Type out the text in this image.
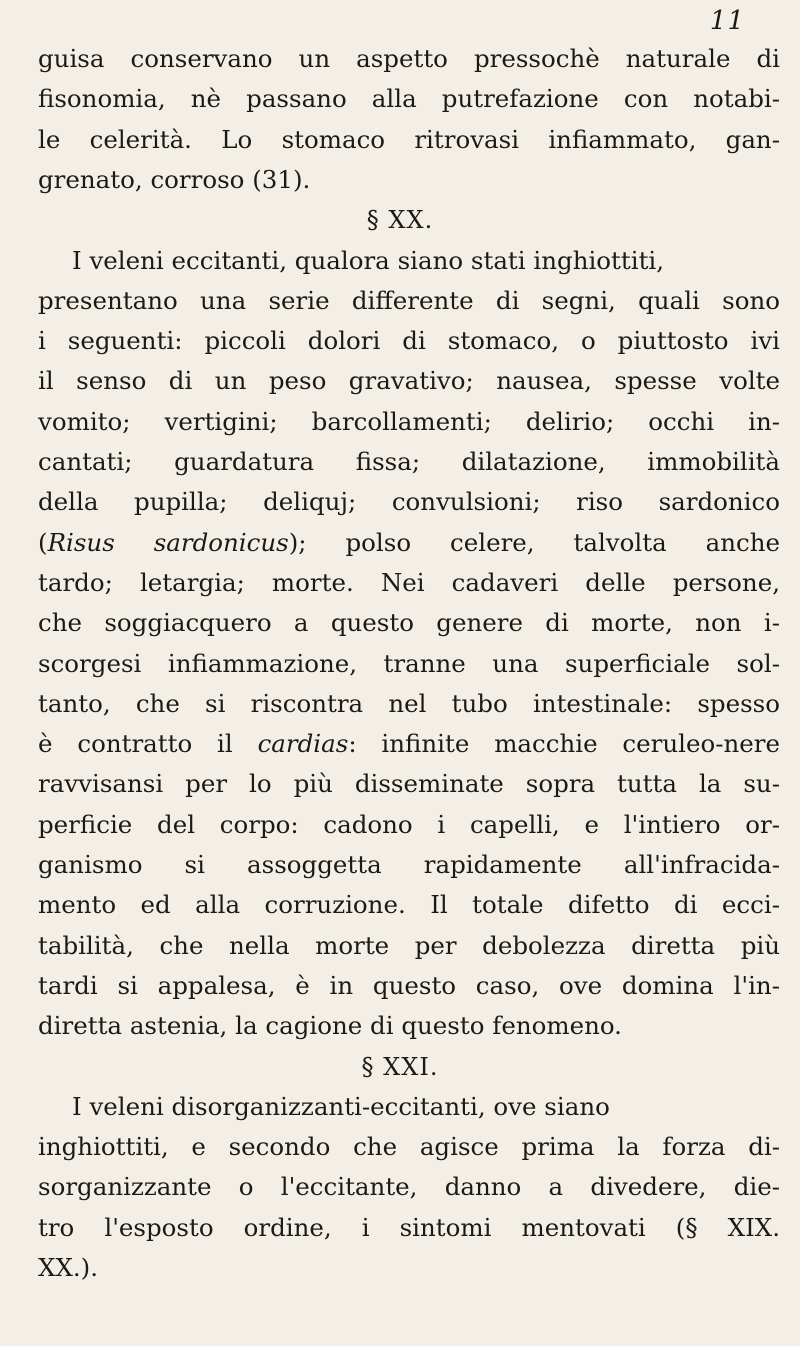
11
guisa conservano un aspetto pressochè naturale di
fisonomia, nè passano alla putrefazione con notabi-
le celerità. Lo stomaco ritrovasi infiammato, gan-
grenato, corroso (31).
§ XX.
I veleni eccitanti, qualora siano stati inghiottiti,
presentano una serie differente di segni, quali sono
i seguenti: piccoli dolori di stomaco, o piuttosto ivi
il senso di un peso gravativo; nausea, spesse volte
vomito; vertigini; barcollamenti; delirio; occhi in-
cantati; guardatura fissa; dilatazione, immobilità
della pupilla; deliquj; convulsioni; riso sardonico
(Risus sardonicus); polso celere, talvolta anche
tardo; letargia; morte. Nei cadaveri delle persone,
che soggiacquero a questo genere di morte, non i-
scorgesi infiammazione, tranne una superficiale sol-
tanto, che si riscontra nel tubo intestinale: spesso
è contratto il cardias: infinite macchie ceruleo-nere
ravvisansi per lo più disseminate sopra tutta la su-
perficie del corpo: cadono i capelli, e l'intiero or-
ganismo si assoggetta rapidamente all'infracida-
mento ed alla corruzione. Il totale difetto di ecci-
tabilità, che nella morte per debolezza diretta più
tardi si appalesa, è in questo caso, ove domina l'in-
diretta astenia, la cagione di questo fenomeno.
§ XXI.
I veleni disorganizzanti-eccitanti, ove siano
inghiottiti, e secondo che agisce prima la forza di-
sorganizzante o l'eccitante, danno a divedere, die-
tro l'esposto ordine, i sintomi mentovati (§ XIX.
XX.).
